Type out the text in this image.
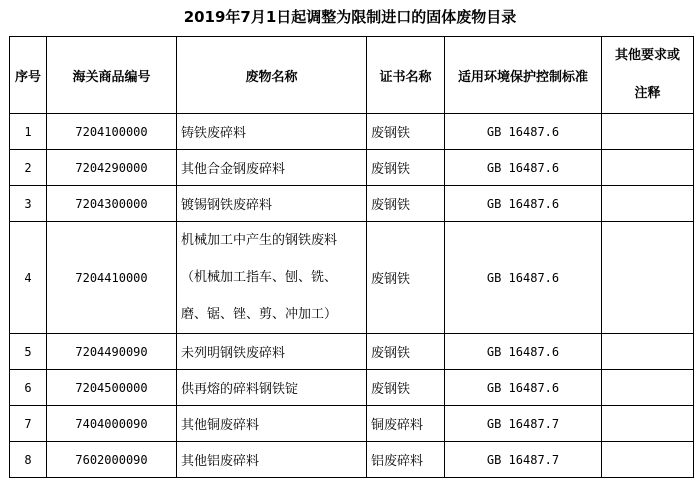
2019年7月1日起调整为限制进口的固体废物目录
序号	海关商品编号	废物名称	证书名称	适用环境保护控制标准	其他要求或
注释

1	7204100000	铸铁废碎料	废钢铁	GB 16487.6	
2	7204290000	其他合金钢废碎料	废钢铁	GB 16487.6	
3	7204300000	镀锡钢铁废碎料	废钢铁	GB 16487.6	
4	7204410000	机械加工中产生的钢铁废料
（机械加工指车、刨、铣、
磨、锯、锉、剪、冲加工）	废钢铁	GB 16487.6	
5	7204490090	未列明钢铁废碎料	废钢铁	GB 16487.6	
6	7204500000	供再熔的碎料钢铁锭	废钢铁	GB 16487.6	
7	7404000090	其他铜废碎料	铜废碎料	GB 16487.7	
8	7602000090	其他铝废碎料	铝废碎料	GB 16487.7	
